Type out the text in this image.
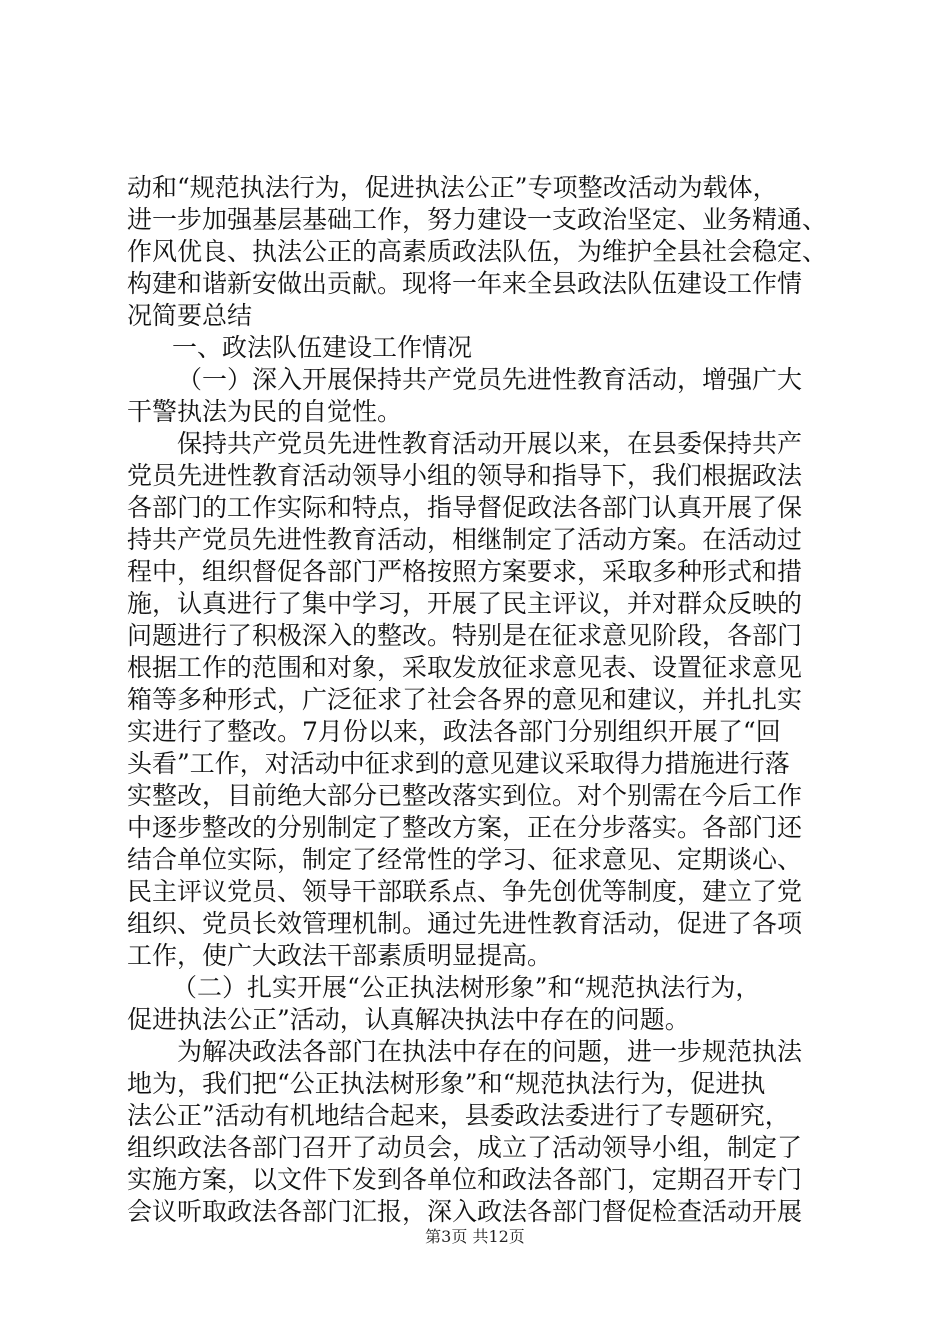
动和“规范执法行为，促进执法公正”专项整改活动为载体，
进一步加强基层基础工作，努力建设一支政治坚定、业务精通、
作风优良、执法公正的高素质政法队伍，为维护全县社会稳定、
构建和谐新安做出贡献。现将一年来全县政法队伍建设工作情
况简要总结
一、政法队伍建设工作情况
（一）深入开展保持共产党员先进性教育活动，增强广大
干警执法为民的自觉性。
保持共产党员先进性教育活动开展以来，在县委保持共产
党员先进性教育活动领导小组的领导和指导下，我们根据政法
各部门的工作实际和特点，指导督促政法各部门认真开展了保
持共产党员先进性教育活动，相继制定了活动方案。在活动过
程中，组织督促各部门严格按照方案要求，采取多种形式和措
施，认真进行了集中学习，开展了民主评议，并对群众反映的
问题进行了积极深入的整改。特别是在征求意见阶段，各部门
根据工作的范围和对象，采取发放征求意见表、设置征求意见
箱等多种形式，广泛征求了社会各界的意见和建议，并扎扎实
实进行了整改。7月份以来，政法各部门分别组织开展了“回
头看”工作，对活动中征求到的意见建议采取得力措施进行落
实整改，目前绝大部分已整改落实到位。对个别需在今后工作
中逐步整改的分别制定了整改方案，正在分步落实。各部门还
结合单位实际，制定了经常性的学习、征求意见、定期谈心、
民主评议党员、领导干部联系点、争先创优等制度，建立了党
组织、党员长效管理机制。通过先进性教育活动，促进了各项
工作，使广大政法干部素质明显提高。
（二）扎实开展“公正执法树形象”和“规范执法行为，
促进执法公正”活动，认真解决执法中存在的问题。
为解决政法各部门在执法中存在的问题，进一步规范执法
地为，我们把“公正执法树形象”和“规范执法行为，促进执
法公正”活动有机地结合起来，县委政法委进行了专题研究，
组织政法各部门召开了动员会，成立了活动领导小组，制定了
实施方案，以文件下发到各单位和政法各部门，定期召开专门
会议听取政法各部门汇报，深入政法各部门督促检查活动开展
第3页 共12页
